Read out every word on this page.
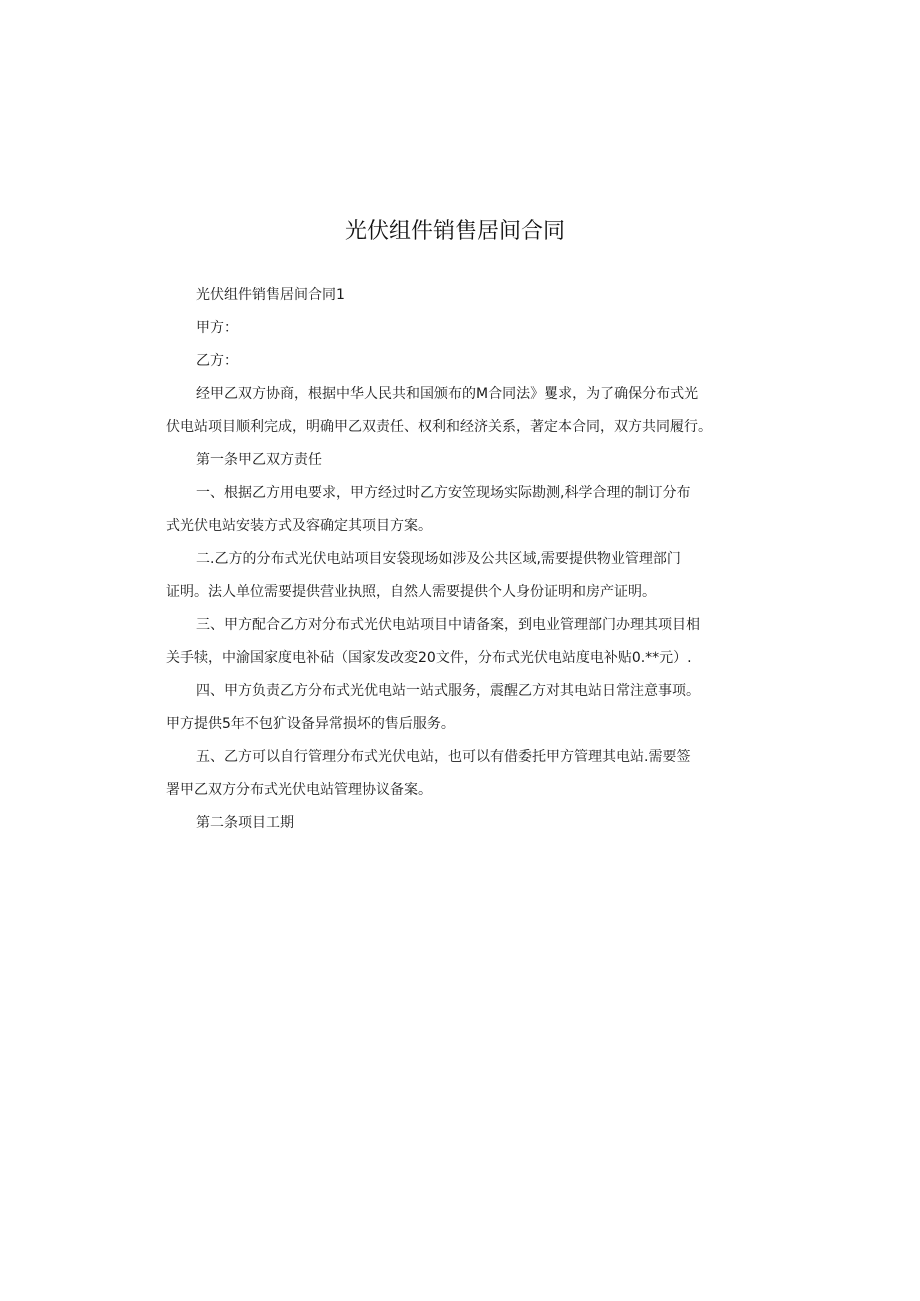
光伏组件销售居间合同
光伏组件销售居间合同1
甲方：
乙方：
经甲乙双方协商，根据中华人民共和国颁布的M合同法》矍求，为了确保分布式光
伏电站项目顺利完成，明确甲乙双责任、权利和经济关系，著定本合同，双方共同履行。
第一条甲乙双方责任
一、根据乙方用电要求，甲方经过时乙方安笠现场实际勘测,科学合理的制订分布
式光伏电站安装方式及容确定其项目方案。
二.乙方的分布式光伏电站项目安袋现场如涉及公共区域,需要提供物业管理部门
证明。法人单位需要提供营业执照，自然人需要提供个人身份证明和房产证明。
三、甲方配合乙方对分布式光伏电站项目中请备案，到电业管理部门办理其项目相
关手犊，中渝国家度电补砧（国家发改変20文件，分布式光伏电站度电补贴0.**元）.
四、甲方负责乙方分布式光优电站一站式服务，震醒乙方对其电站日常注意事项。
甲方提供5年不包犷设备异常损坏的售后服务。
五、乙方可以自行管理分布式光伏电站，也可以有借委托甲方管理其电站.需要签
署甲乙双方分布式光伏电站管理协议备案。
第二条项目工期
